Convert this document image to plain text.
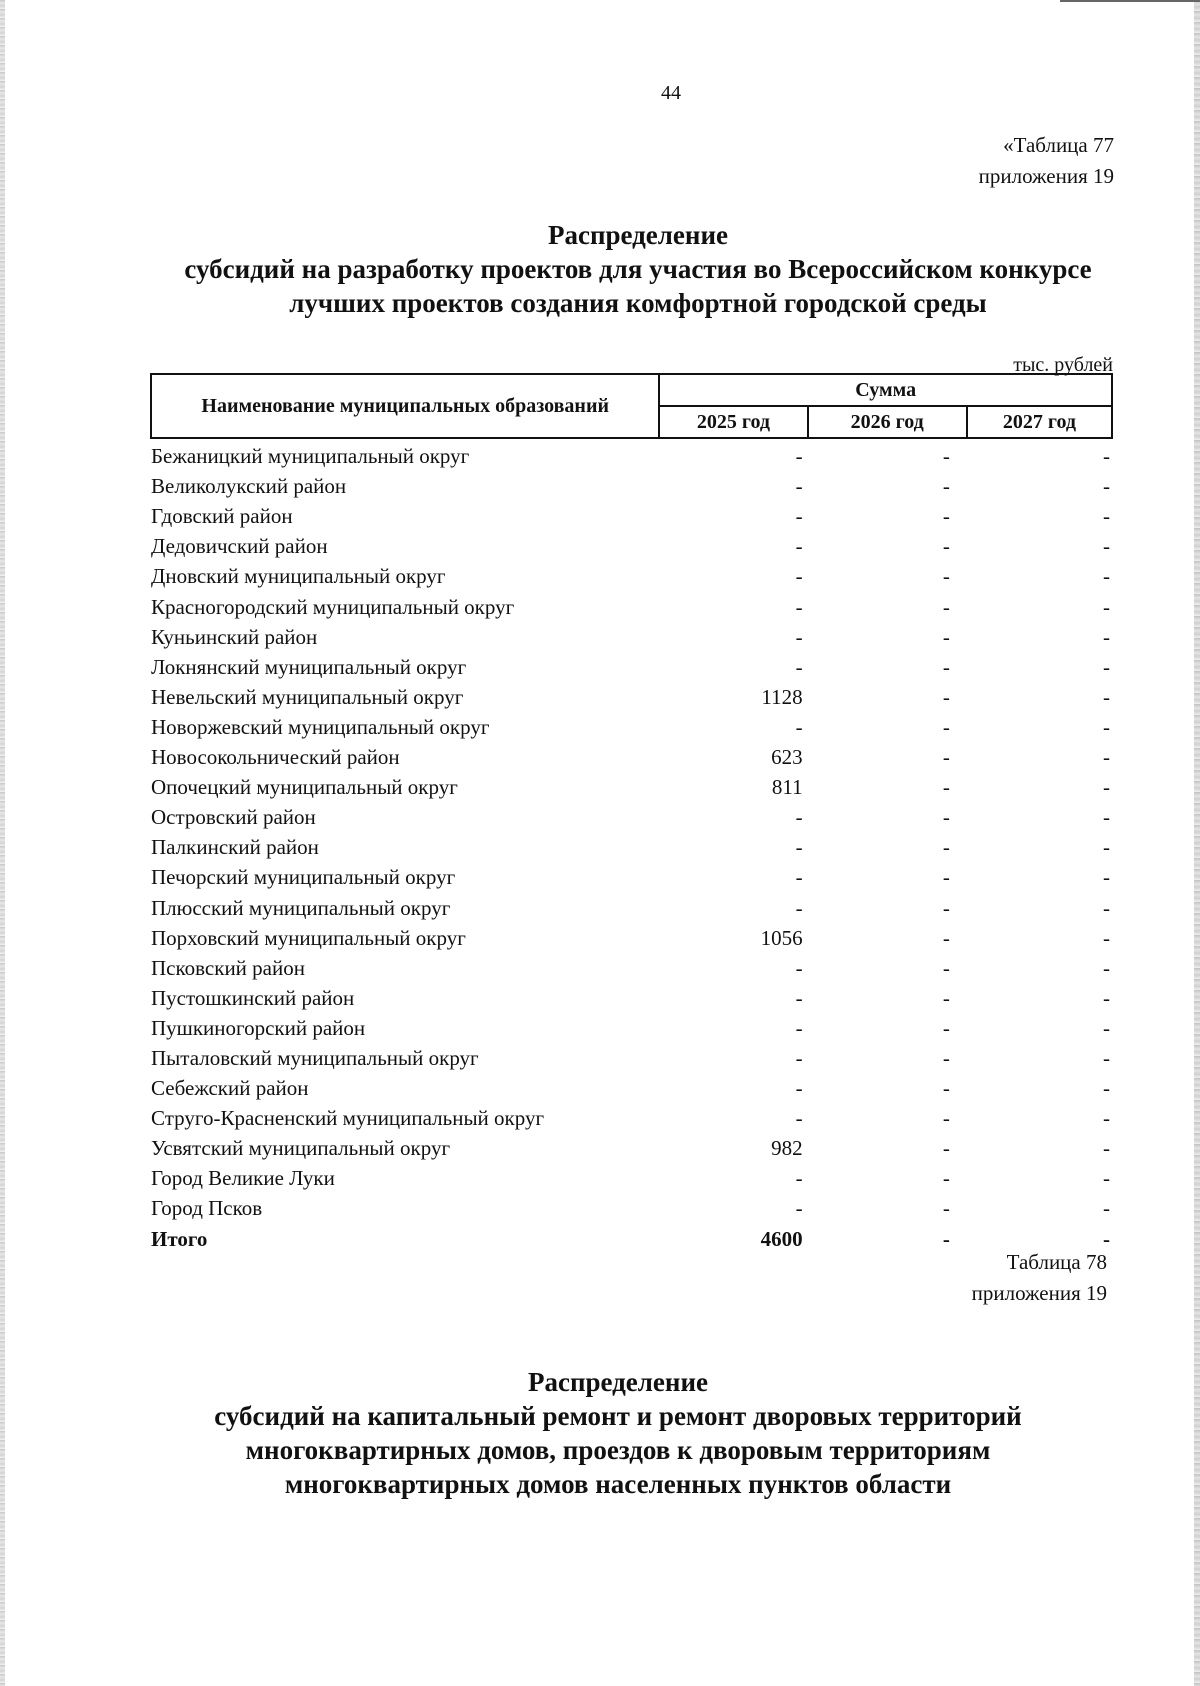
44
«Таблица 77
приложения 19
Распределение
субсидий на разработку проектов для участия во Всероссийском конкурсе
лучших проектов создания комфортной городской среды
тыс. рублей
Наименование муниципальных образований	Сумма		
	2025 год	2026 год	2027 год
Бежаницкий муниципальный округ	-	-	-
Великолукский район	-	-	-
Гдовский район	-	-	-
Дедовичский район	-	-	-
Дновский муниципальный округ	-	-	-
Красногородский муниципальный округ	-	-	-
Куньинский район	-	-	-
Локнянский муниципальный округ	-	-	-
Невельский муниципальный округ	1128	-	-
Новоржевский муниципальный округ	-	-	-
Новосокольнический район	623	-	-
Опочецкий муниципальный округ	811	-	-
Островский район	-	-	-
Палкинский район	-	-	-
Печорский муниципальный округ	-	-	-
Плюсский муниципальный округ	-	-	-
Порховский муниципальный округ	1056	-	-
Псковский район	-	-	-
Пустошкинский район	-	-	-
Пушкиногорский район	-	-	-
Пыталовский муниципальный округ	-	-	-
Себежский район	-	-	-
Струго-Красненский муниципальный округ	-	-	-
Усвятский муниципальный округ	982	-	-
Город Великие Луки	-	-	-
Город Псков	-	-	-
Итого	4600	-	-
Таблица 78
приложения 19
Распределение
субсидий на капитальный ремонт и ремонт дворовых территорий
многоквартирных домов, проездов к дворовым территориям
многоквартирных домов населенных пунктов области
